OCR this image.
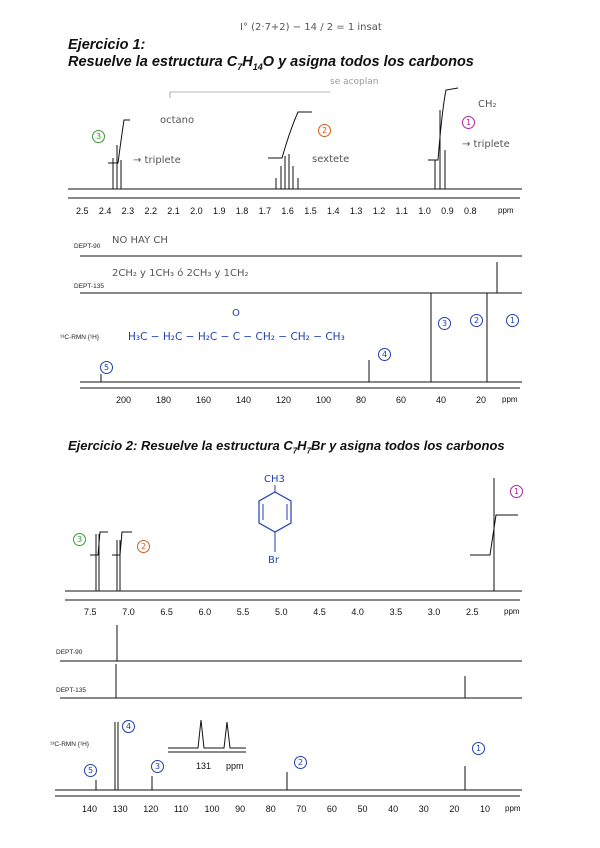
Ejercicio 1:
Resuelve la estructura $C_7H_{14}O$ y asigna todos los carbonos
I° (2·7+2) − 14 / 2 = 1 insat
se acoplan
octano
→ triplete	sextete
CH₂
→ triplete
3
2
1
2.5 2.4 2.3 2.2 2.1 2.0 1.9 1.8 1.7 1.6 1.5 1.4 1.3 1.2 1.1 1.0 0.9 0.8	ppm
DEPT-90
NO HAY CH
DEPT-135
2CH₂ y 1CH₃ ó 2CH₃ y 1CH₂
¹³C-RMN {¹H}
O
H₃C − H₂C − H₂C − C − CH₂ − CH₂ − CH₃
5
4
3	2	1
200	180	160	140	120	100	80	60	40	20 ppm
Ejercicio 2: Resuelve la estructura $C_7H_7Br$ y asigna todos los carbonos
CH3
Br
3
2
1
7.5	7.0	6.5	6.0	5.5	5.0	4.5	4.0	3.5	3.0	2.5	ppm
DEPT-90
DEPT-135
¹³C-RMN {¹H}
4
5	3	2
1
131 ppm
140 130 120 110 100 90 80 70 60 50 40 30 20 10 ppm
